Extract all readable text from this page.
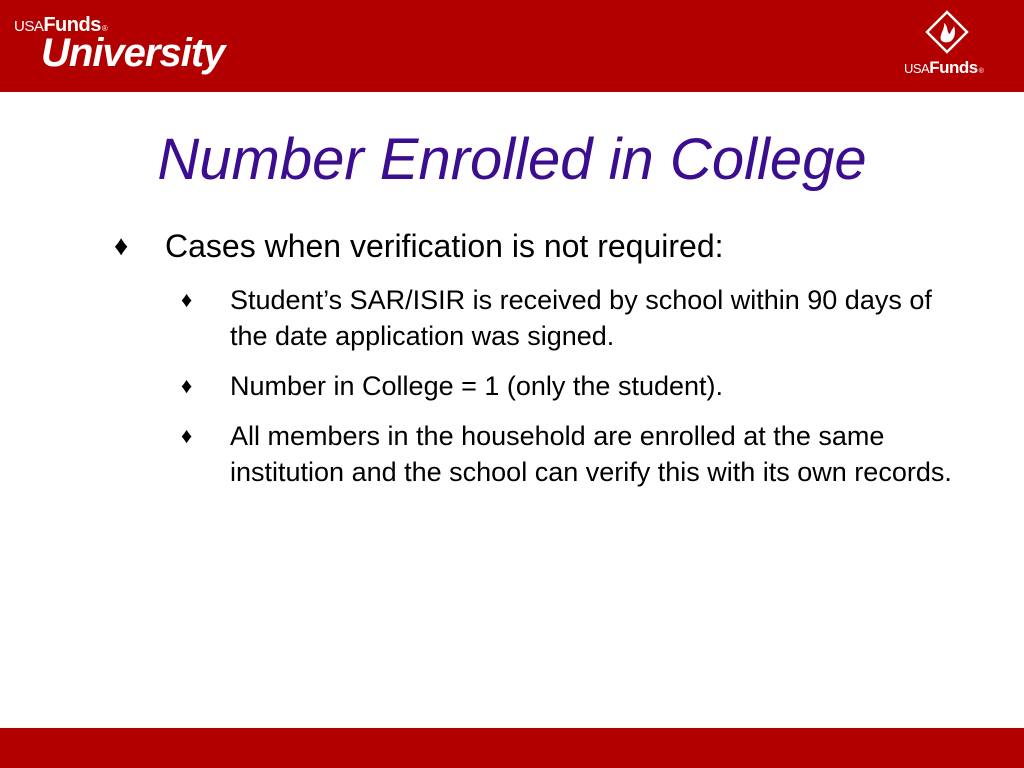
USA Funds ®
University	USA Funds ®
Number Enrolled in College
♦	Cases when verification is not required:
♦	Student’s SAR/ISIR is received by school within 90 days of the date application was signed.
♦	Number in College = 1 (only the student).
♦	All members in the household are enrolled at the same institution and the school can verify this with its own records.
